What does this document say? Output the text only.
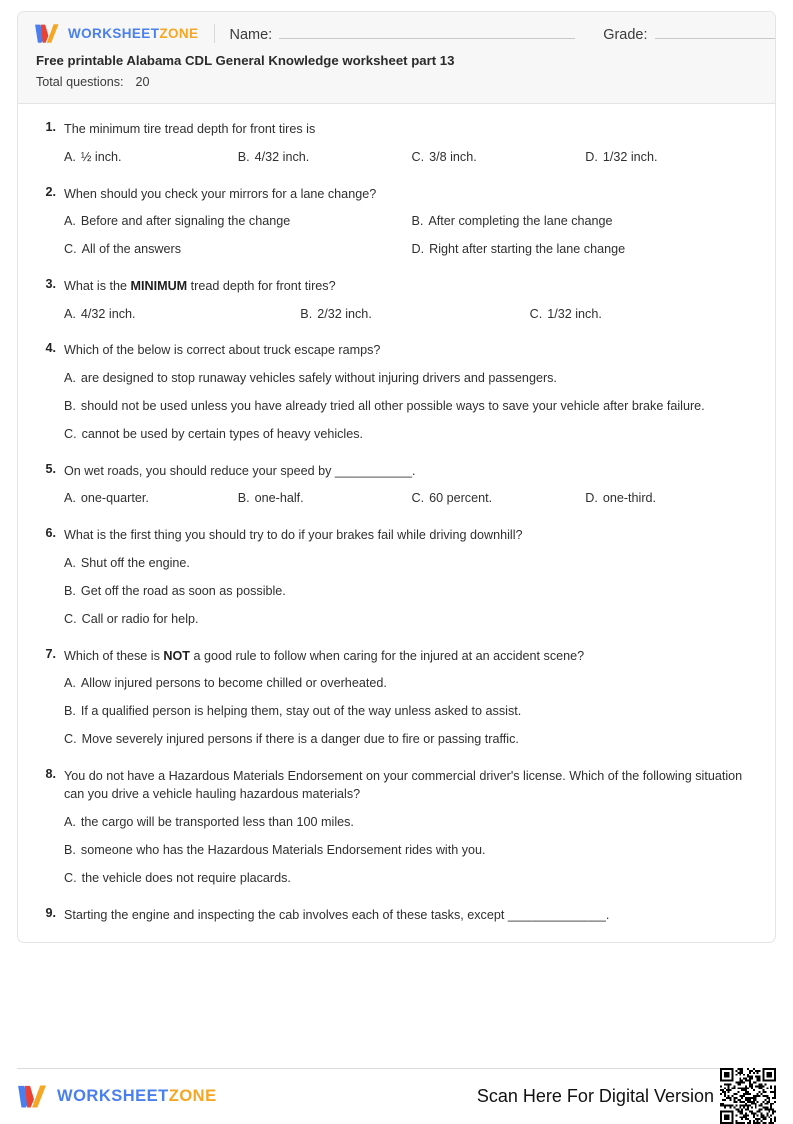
WORKSHEETZONE Name:	Grade:
Free printable Alabama CDL General Knowledge worksheet part 13
Total questions: 20
1. The minimum tire tread depth for front tires is
A. ½ inch.	B. 4/32 inch.	C. 3/8 inch.	D. 1/32 inch.
2. When should you check your mirrors for a lane change?
A. Before and after signaling the change	B. After completing the lane change
C. All of the answers	D. Right after starting the lane change
3. What is the MINIMUM tread depth for front tires?
A. 4/32 inch.	B. 2/32 inch.	C. 1/32 inch.
4. Which of the below is correct about truck escape ramps?
A. are designed to stop runaway vehicles safely without injuring drivers and passengers.
B. should not be used unless you have already tried all other possible ways to save your vehicle after brake failure.
C. cannot be used by certain types of heavy vehicles.
5. On wet roads, you should reduce your speed by ___________.
A. one-quarter.	B. one-half.	C. 60 percent.	D. one-third.
6. What is the first thing you should try to do if your brakes fail while driving downhill?
A. Shut off the engine.
B. Get off the road as soon as possible.
C. Call or radio for help.
7. Which of these is NOT a good rule to follow when caring for the injured at an accident scene?
A. Allow injured persons to become chilled or overheated.
B. If a qualified person is helping them, stay out of the way unless asked to assist.
C. Move severely injured persons if there is a danger due to fire or passing traffic.
8. You do not have a Hazardous Materials Endorsement on your commercial driver's license. Which of the following situation can you drive a vehicle hauling hazardous materials?
A. the cargo will be transported less than 100 miles.
B. someone who has the Hazardous Materials Endorsement rides with you.
C. the vehicle does not require placards.
9. Starting the engine and inspecting the cab involves each of these tasks, except ______________.
WORKSHEETZONE	Scan Here For Digital Version
